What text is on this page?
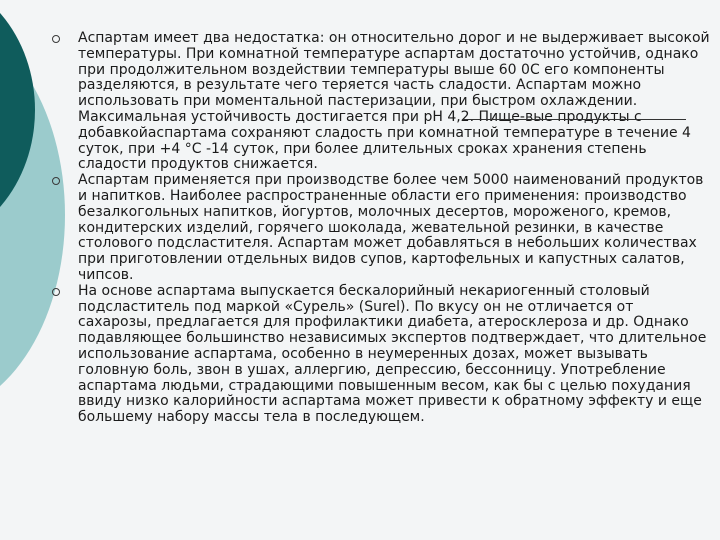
Аспартам имеет два недостатка: он относительно дорог и не выдерживает высокой температуры. При комнатной температуре аспартам достаточно устойчив, однако при продолжительном воздействии температуры выше 60 0С его компоненты разделяются, в результате чего теряется часть сладости. Аспартам можно использовать при моментальной пастеризации, при быстром охлаждении. Максимальная устойчивость достигается при рН 4,2. Пище-вые продукты с добавкойаспартама сохраняют сладость при комнатной температуре в течение 4 суток, при +4 °С -14 суток, при более длительных сроках хранения степень сладости продуктов снижается.
Аспартам применяется при производстве более чем 5000 наименований продуктов и напитков. Наиболее распространенные области его применения: производство безалкогольных напитков, йогуртов, молочных десертов, мороженого, кремов, кондитерских изделий, горячего шоколада, жевательной резинки, в качестве столового подсластителя. Аспартам может добавляться в небольших количествах при приготовлении отдельных видов супов, картофельных и капустных салатов, чипсов.
На основе аспартама выпускается бескалорийный некариогенный столовый подсластитель под маркой «Сурель» (Surel). По вкусу он не отличается от сахарозы, предлагается для профилактики диабета, атеросклероза и др. Однако подавляющее большинство независимых экспертов подтверждает, что длительное использование аспартама, особенно в неумеренных дозах, может вызывать головную боль, звон в ушах, аллергию, депрессию, бессонницу. Употребление аспартама людьми, страдающими повышенным весом, как бы с целью похудания ввиду низко калорийности аспартама может привести к обратному эффекту и еще большему набору массы тела в последующем.
